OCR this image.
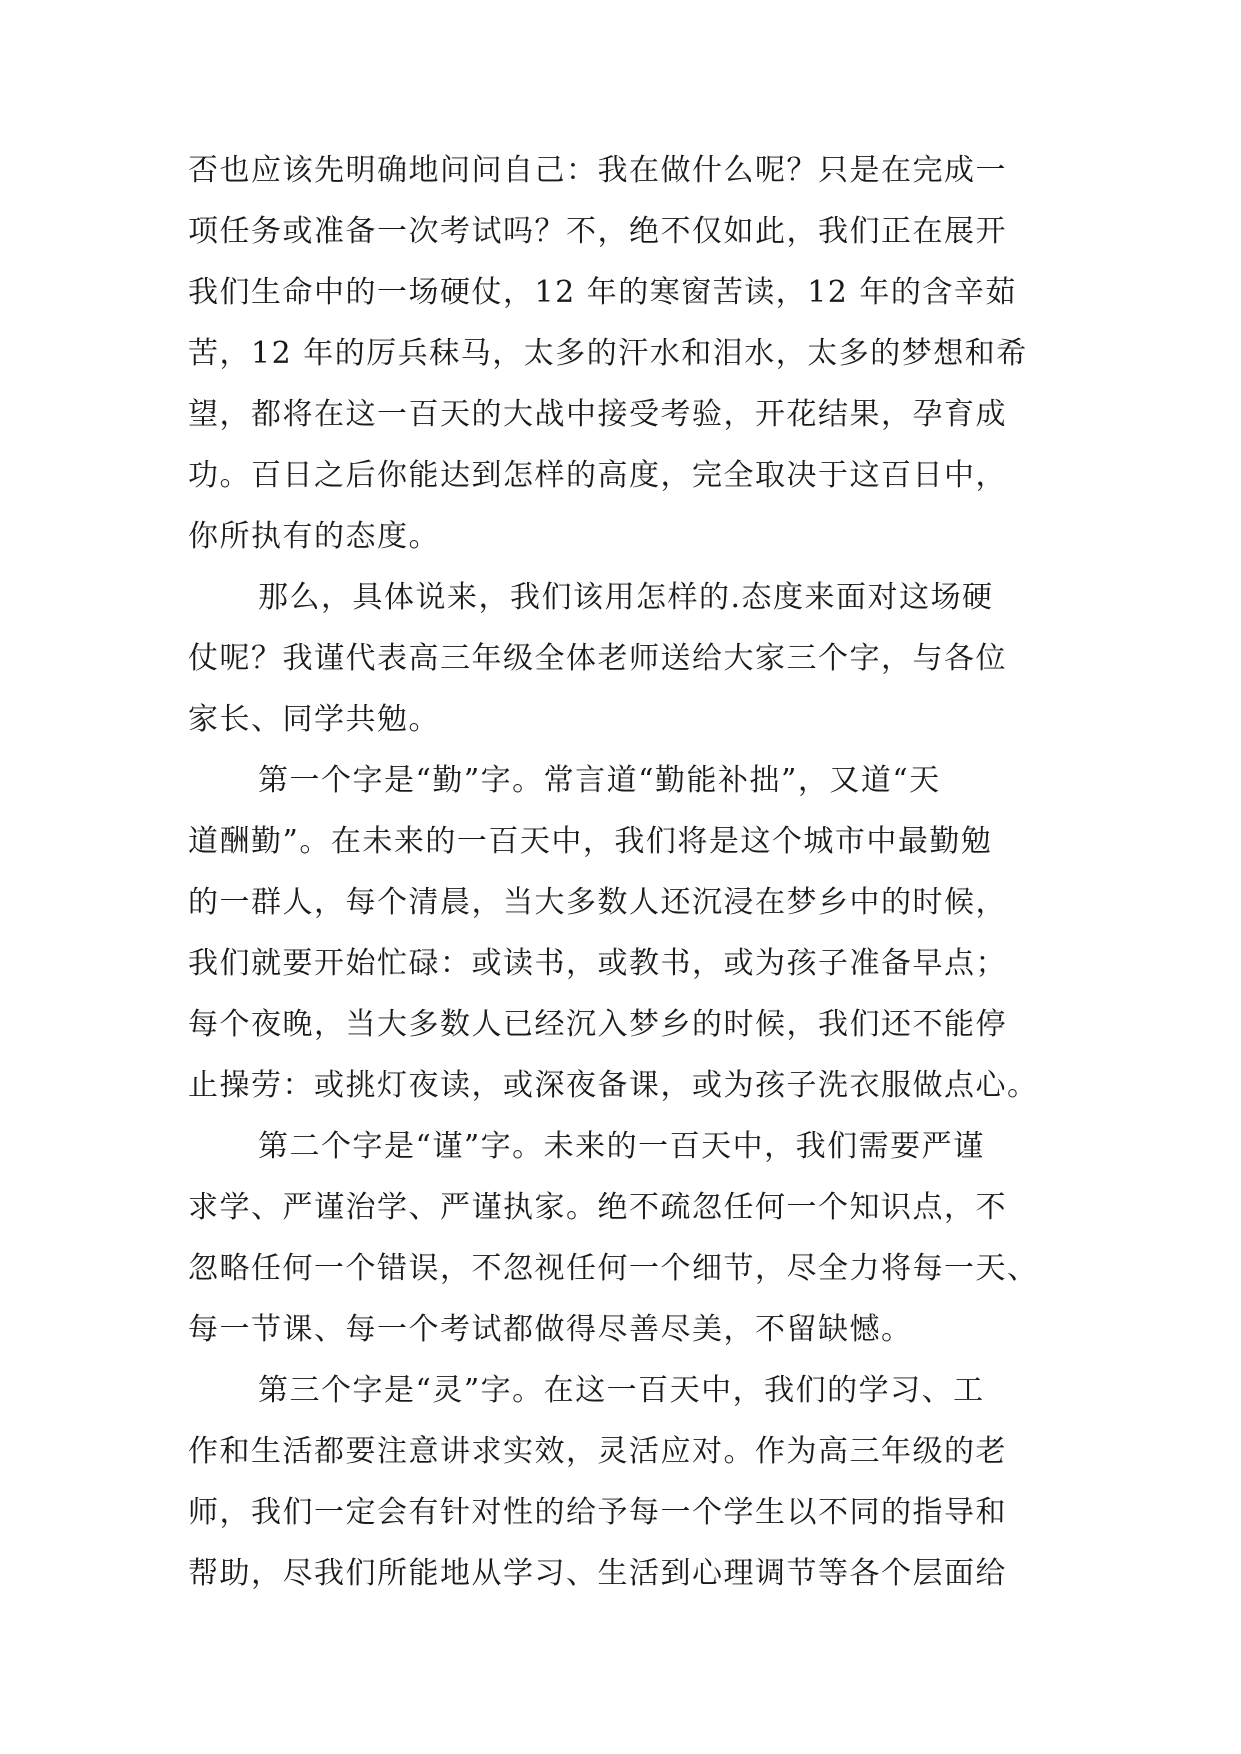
否也应该先明确地问问自己：我在做什么呢？只是在完成一
项任务或准备一次考试吗？不，绝不仅如此，我们正在展开
我们生命中的一场硬仗，12 年的寒窗苦读，12 年的含辛茹
苦，12 年的厉兵秣马，太多的汗水和泪水，太多的梦想和希
望，都将在这一百天的大战中接受考验，开花结果，孕育成
功。百日之后你能达到怎样的高度，完全取决于这百日中，
你所执有的态度。
那么，具体说来，我们该用怎样的.态度来面对这场硬
仗呢？我谨代表高三年级全体老师送给大家三个字，与各位
家长、同学共勉。
第一个字是“勤”字。常言道“勤能补拙”，又道“天
道酬勤”。在未来的一百天中，我们将是这个城市中最勤勉
的一群人，每个清晨，当大多数人还沉浸在梦乡中的时候，
我们就要开始忙碌：或读书，或教书，或为孩子准备早点；
每个夜晚，当大多数人已经沉入梦乡的时候，我们还不能停
止操劳：或挑灯夜读，或深夜备课，或为孩子洗衣服做点心。
第二个字是“谨”字。未来的一百天中，我们需要严谨
求学、严谨治学、严谨执家。绝不疏忽任何一个知识点，不
忽略任何一个错误，不忽视任何一个细节，尽全力将每一天、
每一节课、每一个考试都做得尽善尽美，不留缺憾。
第三个字是“灵”字。在这一百天中，我们的学习、工
作和生活都要注意讲求实效，灵活应对。作为高三年级的老
师，我们一定会有针对性的给予每一个学生以不同的指导和
帮助，尽我们所能地从学习、生活到心理调节等各个层面给
